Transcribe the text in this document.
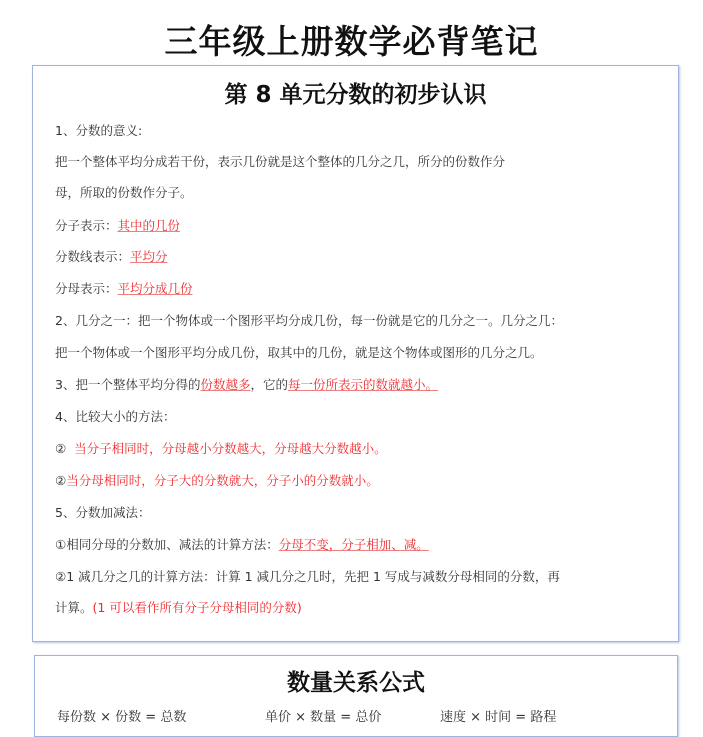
三年级上册数学必背笔记
第 8 单元分数的初步认识
1、分数的意义:
把一个整体平均分成若干份，表示几份就是这个整体的几分之几，所分的份数作分
母，所取的份数作分子。
分子表示：其中的几份
分数线表示：平均分
分母表示：平均分成几份
2、几分之一：把一个物体或一个图形平均分成几份，每一份就是它的几分之一。几分之几：
把一个物体或一个图形平均分成几份，取其中的几份，就是这个物体或图形的几分之几。
3、把一个整体平均分得的份数越多，它的每一份所表示的数就越小。
4、比较大小的方法：
② 当分子相同时，分母越小分数越大，分母越大分数越小。
②当分母相同时，分子大的分数就大，分子小的分数就小。
5、分数加减法：
①相同分母的分数加、减法的计算方法：分母不变，分子相加、减。
②1 减几分之几的计算方法：计算 1 减几分之几时，先把 1 写成与减数分母相同的分数，再
计算。(1 可以看作所有分子分母相同的分数)
数量关系公式
每份数 × 份数 = 总数	单价 × 数量 = 总价	速度 × 时间 = 路程
